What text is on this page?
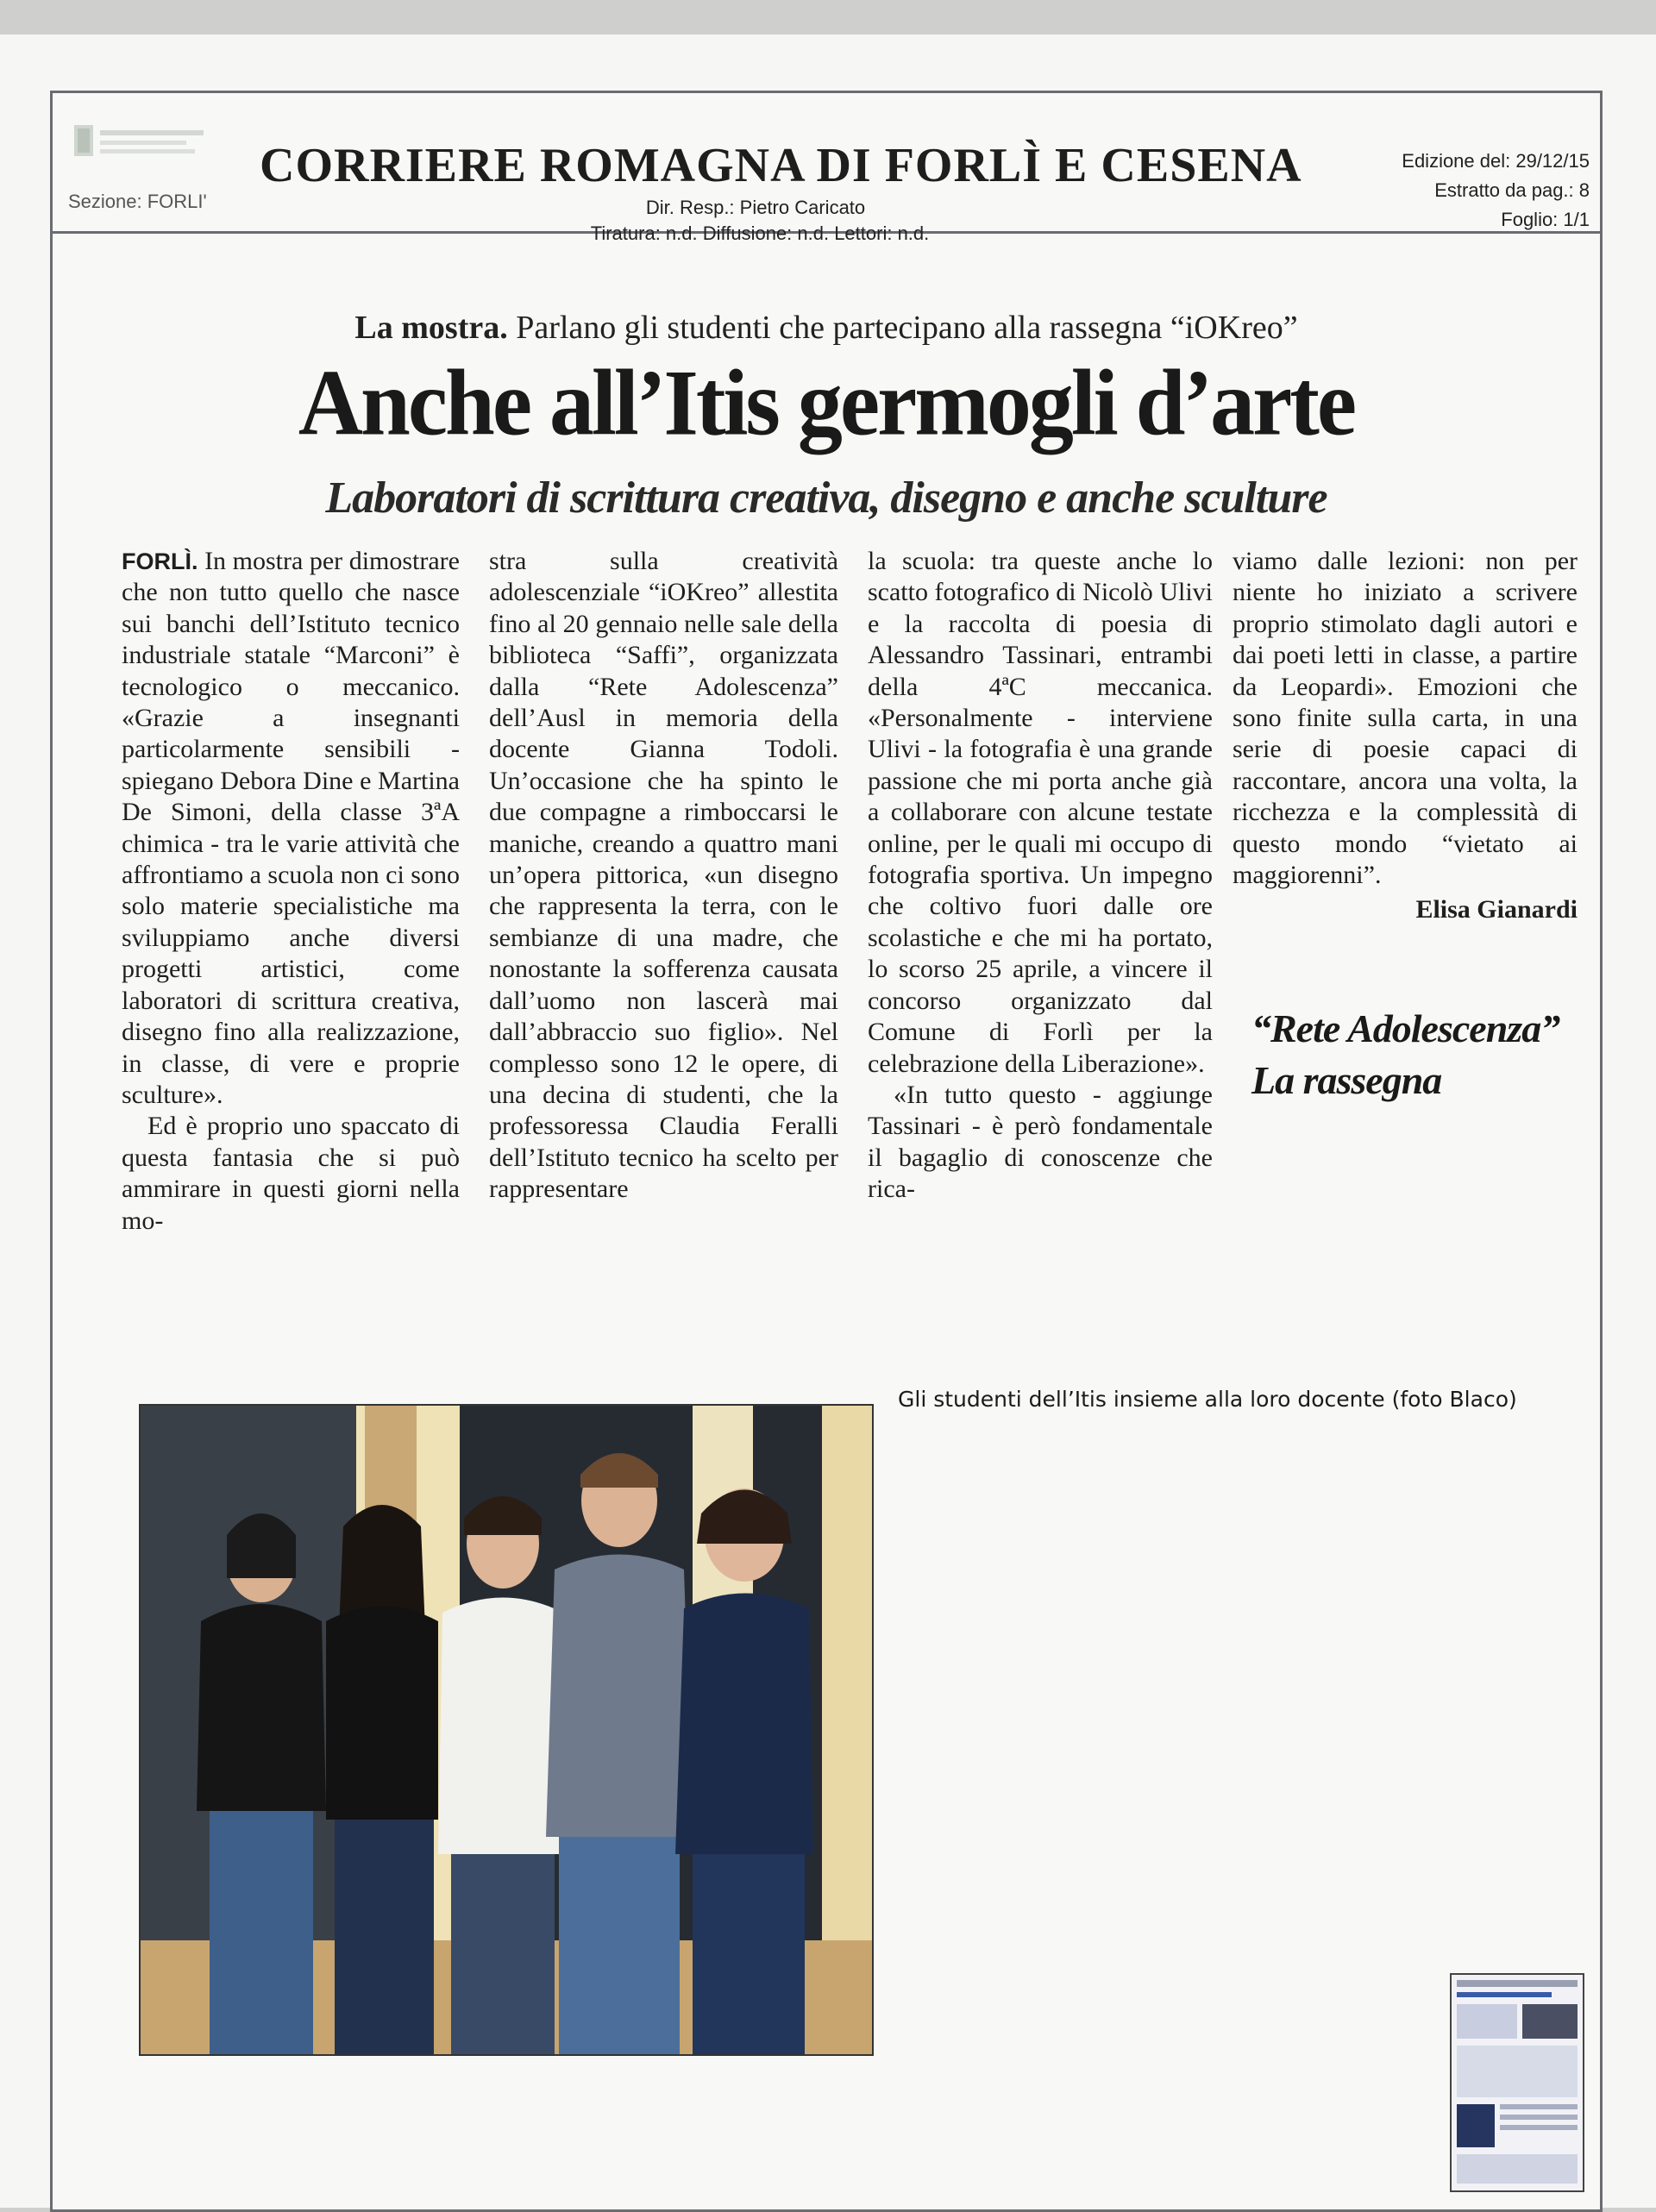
Sezione: FORLI'
CORRIERE ROMAGNA DI FORLÌ E CESENA
Dir. Resp.: Pietro Caricato
Tiratura: n.d. Diffusione: n.d. Lettori: n.d.
Edizione del: 29/12/15
Estratto da pag.: 8
Foglio: 1/1
La mostra. Parlano gli studenti che partecipano alla rassegna “iOKreo”
Anche all’Itis germogli d’arte
Laboratori di scrittura creativa, disegno e anche sculture

FORLÌ. In mostra per dimostrare che non tutto quello che nasce sui banchi dell’Istituto tecnico industriale statale “Marconi” è tecnologico o meccanico. «Grazie a insegnanti particolarmente sensibili - spiegano Debora Dine e Martina De Simoni, della classe 3ªA chimica - tra le varie attività che affrontiamo a scuola non ci sono solo materie specialistiche ma sviluppiamo anche diversi progetti artistici, come laboratori di scrittura creativa, disegno fino alla realizzazione, in classe, di vere e proprie sculture».

Ed è proprio uno spaccato di questa fantasia che si può ammirare in questi giorni nella mo-

stra sulla creatività adolescenziale “iOKreo” allestita fino al 20 gennaio nelle sale della biblioteca “Saffi”, organizzata dalla “Rete Adolescenza” dell’Ausl in memoria della docente Gianna Todoli. Un’occasione che ha spinto le due compagne a rimboccarsi le maniche, creando a quattro mani un’opera pittorica, «un disegno che rappresenta la terra, con le sembianze di una madre, che nonostante la sofferenza causata dall’uomo non lascerà mai dall’abbraccio suo figlio». Nel complesso sono 12 le opere, di una decina di studenti, che la professoressa Claudia Feralli dell’Istituto tecnico ha scelto per rappresentare

la scuola: tra queste anche lo scatto fotografico di Nicolò Ulivi e la raccolta di poesia di Alessandro Tassinari, entrambi della 4ªC meccanica. «Personalmente - interviene Ulivi - la fotografia è una grande passione che mi porta anche già a collaborare con alcune testate online, per le quali mi occupo di fotografia sportiva. Un impegno che coltivo fuori dalle ore scolastiche e che mi ha portato, lo scorso 25 aprile, a vincere il concorso organizzato dal Comune di Forlì per la celebrazione della Liberazione».

«In tutto questo - aggiunge Tassinari - è però fondamentale il bagaglio di conoscenze che rica-

viamo dalle lezioni: non per niente ho iniziato a scrivere proprio stimolato dagli autori e dai poeti letti in classe, a partire da Leopardi». Emozioni che sono finite sulla carta, in una serie di poesie capaci di raccontare, ancora una volta, la ricchezza e la complessità di questo mondo “vietato ai maggiorenni”.

Elisa Gianardi
“Rete Adolescenza”
La rassegna
Gli studenti dell’Itis insieme alla loro docente (foto Blaco)
